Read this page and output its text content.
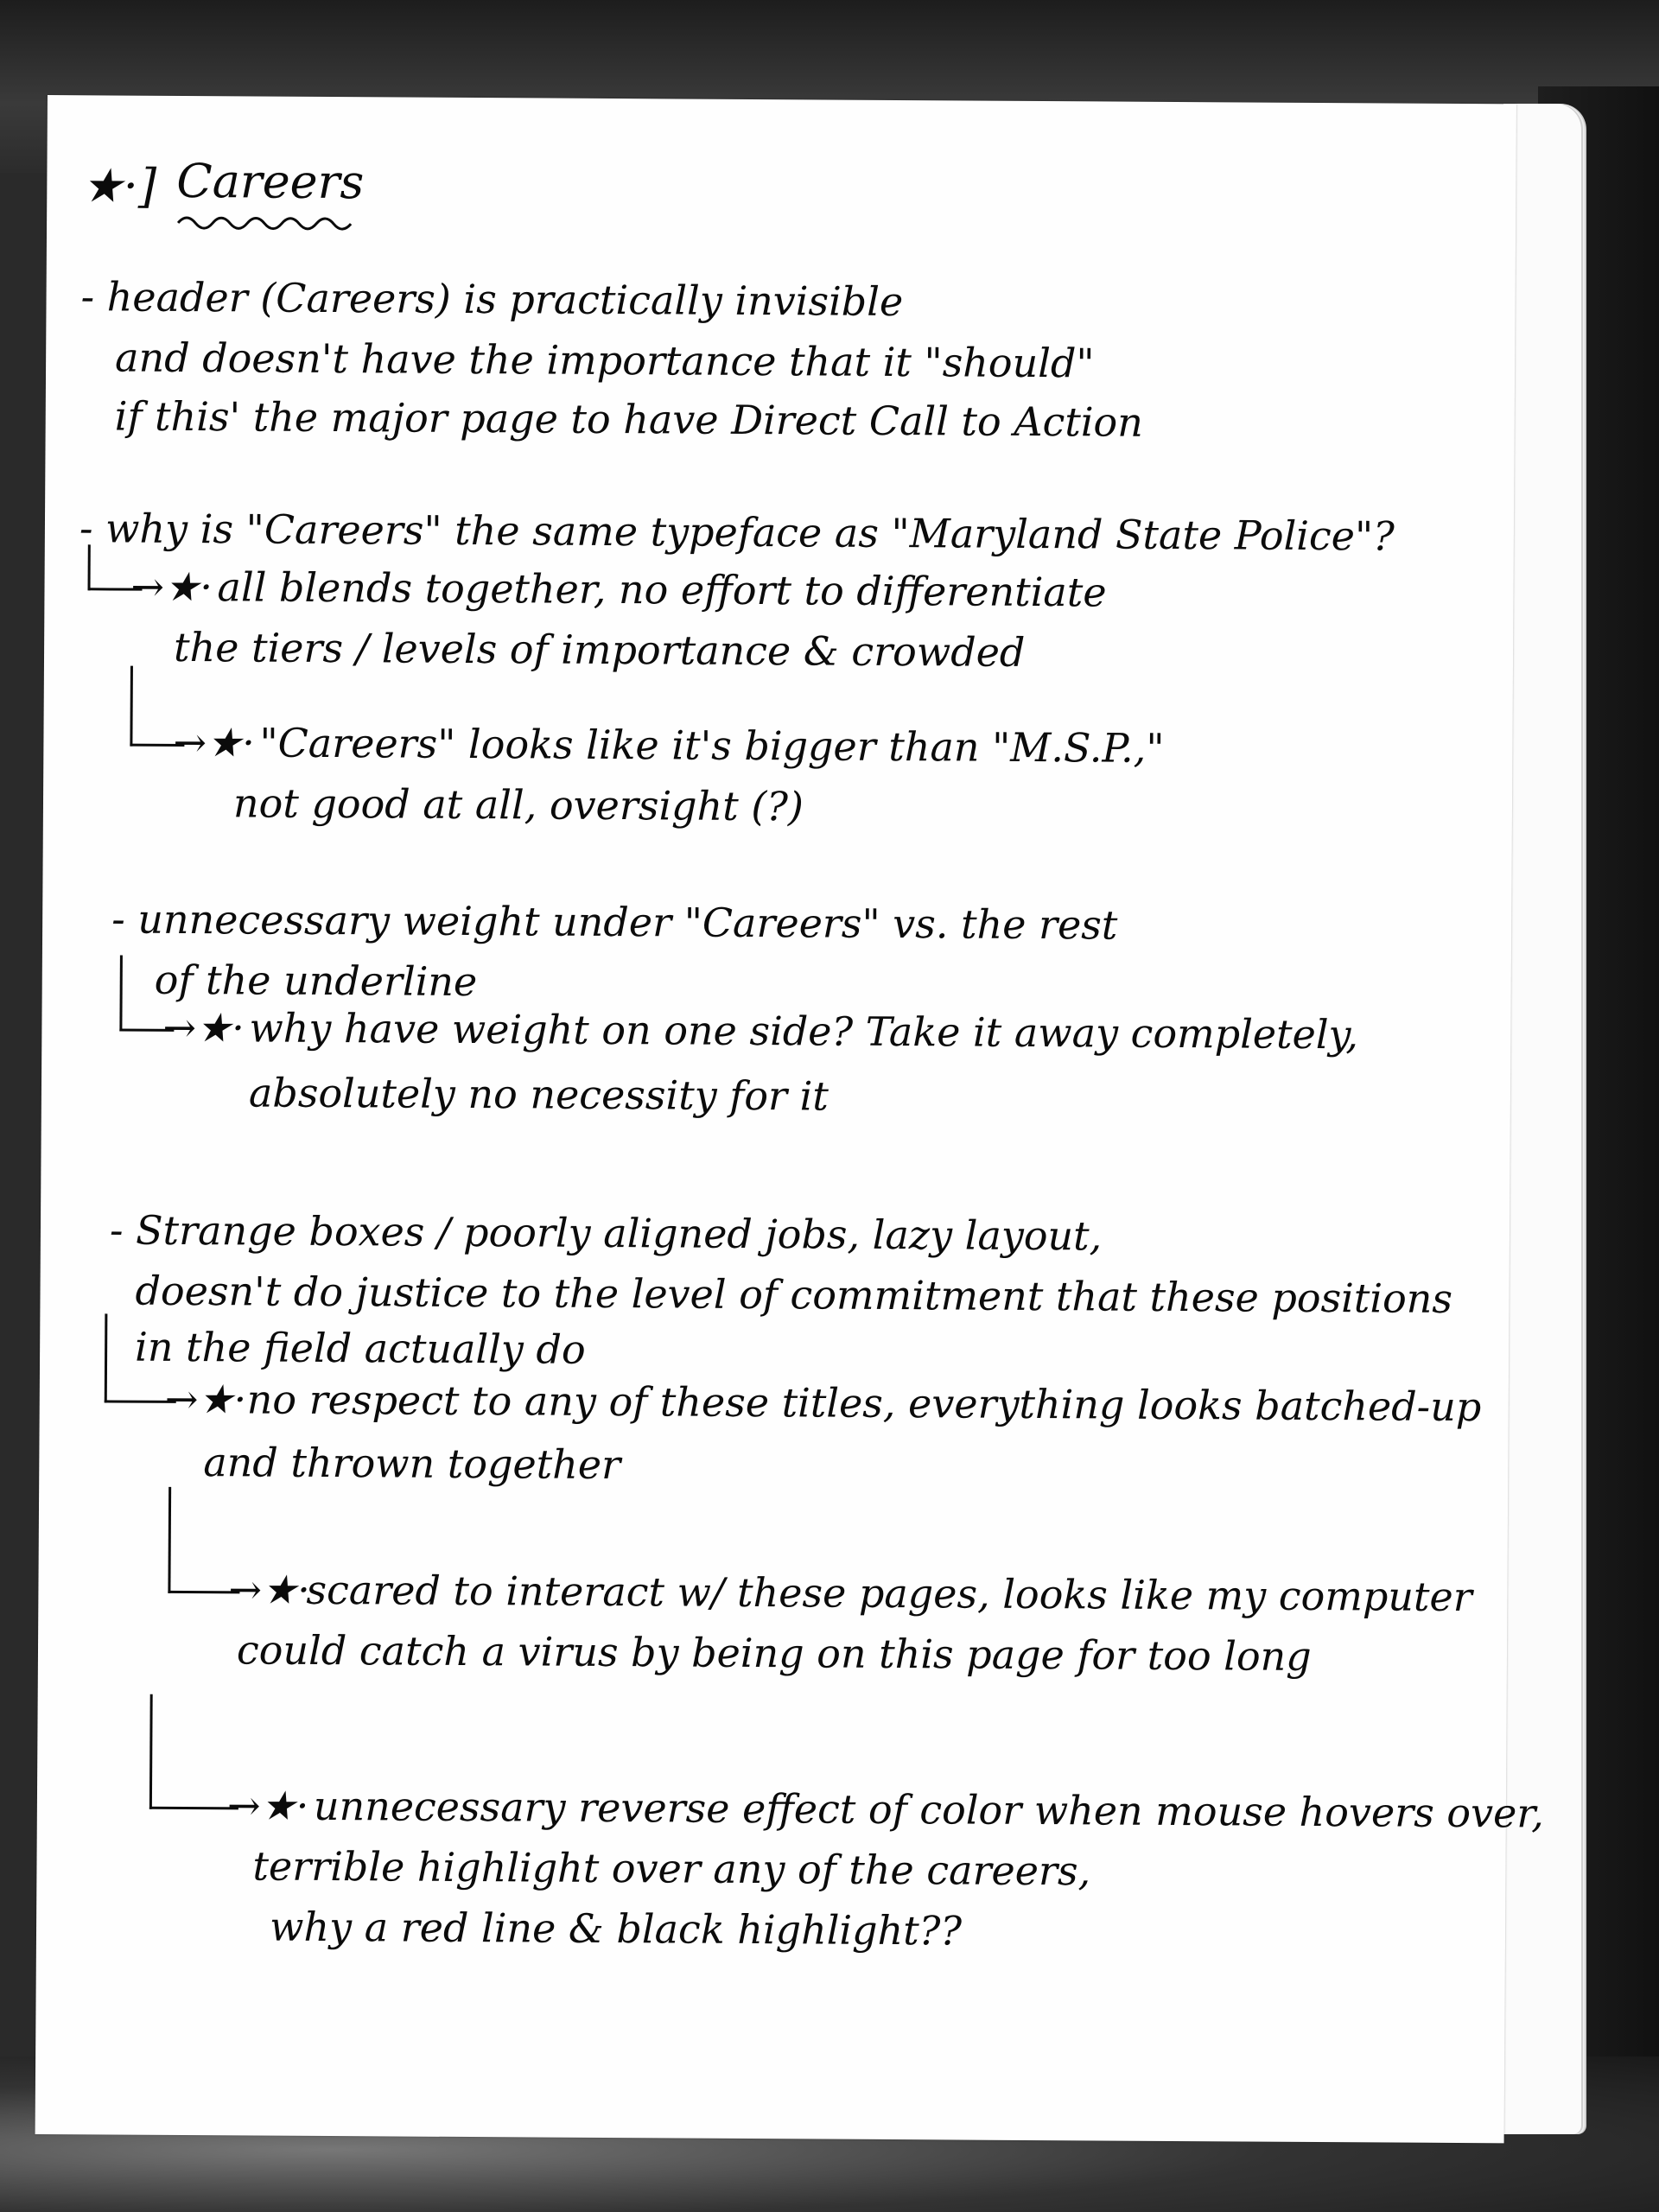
★·] Careers
- header (Careers) is practically invisible
and doesn't have the importance that it "should"
if this' the major page to have Direct Call to Action
- why is "Careers" the same typeface as "Maryland State Police"?
→★· all blends together, no effort to differentiate
the tiers / levels of importance & crowded
→★· "Careers" looks like it's bigger than "M.S.P.,"
not good at all, oversight (?)
- unnecessary weight under "Careers" vs. the rest
of the underline
→★· why have weight on one side? Take it away completely,
absolutely no necessity for it
- Strange boxes / poorly aligned jobs, lazy layout,
doesn't do justice to the level of commitment that these positions
in the field actually do
→★· no respect to any of these titles, everything looks batched-up
and thrown together
→★·
scared to interact w/ these pages, looks like my computer
could catch a virus by being on this page for too long
→★· unnecessary reverse effect of color when mouse hovers over,
terrible highlight over any of the careers,
why a red line & black highlight??
